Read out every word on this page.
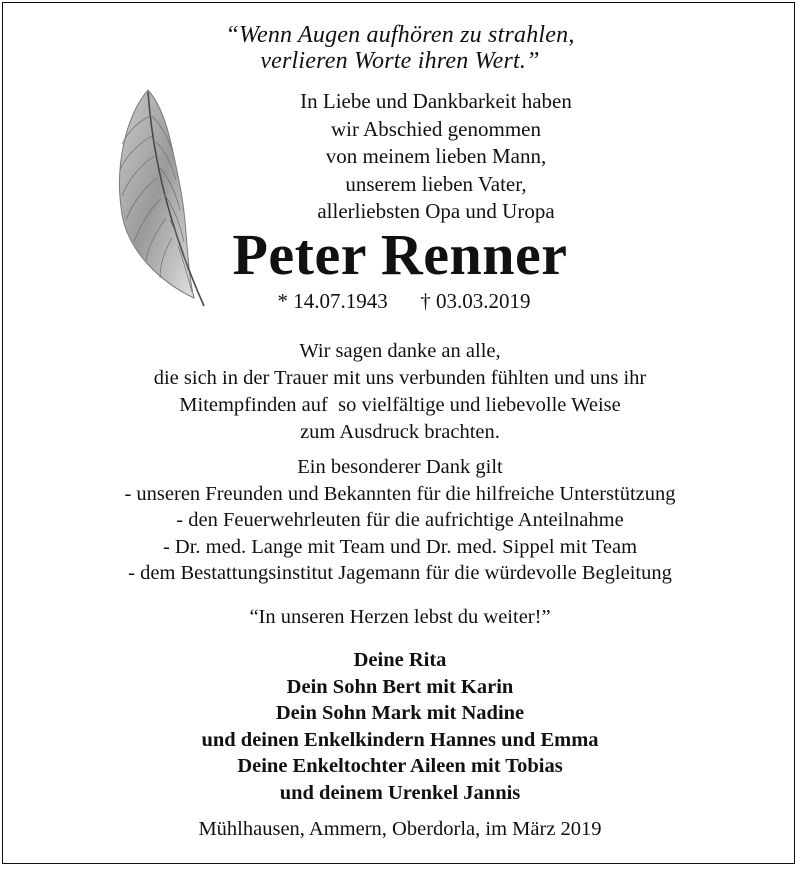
“Wenn Augen aufhören zu strahlen,
verlieren Worte ihren Wert.”
In Liebe und Dankbarkeit haben
wir Abschied genommen
von meinem lieben Mann,
unserem lieben Vater,
allerliebsten Opa und Uropa
Peter Renner
* 14.07.1943 † 03.03.2019
Wir sagen danke an alle,
die sich in der Trauer mit uns verbunden fühlten und uns ihr
Mitempfinden auf  so vielfältige und liebevolle Weise
zum Ausdruck brachten.
Ein besonderer Dank gilt
- unseren Freunden und Bekannten für die hilfreiche Unterstützung
- den Feuerwehrleuten für die aufrichtige Anteilnahme
- Dr. med. Lange mit Team und Dr. med. Sippel mit Team
- dem Bestattungsinstitut Jagemann für die würdevolle Begleitung
“In unseren Herzen lebst du weiter!”
Deine Rita
Dein Sohn Bert mit Karin
Dein Sohn Mark mit Nadine
und deinen Enkelkindern Hannes und Emma
Deine Enkeltochter Aileen mit Tobias
und deinem Urenkel Jannis
Mühlhausen, Ammern, Oberdorla, im März 2019
